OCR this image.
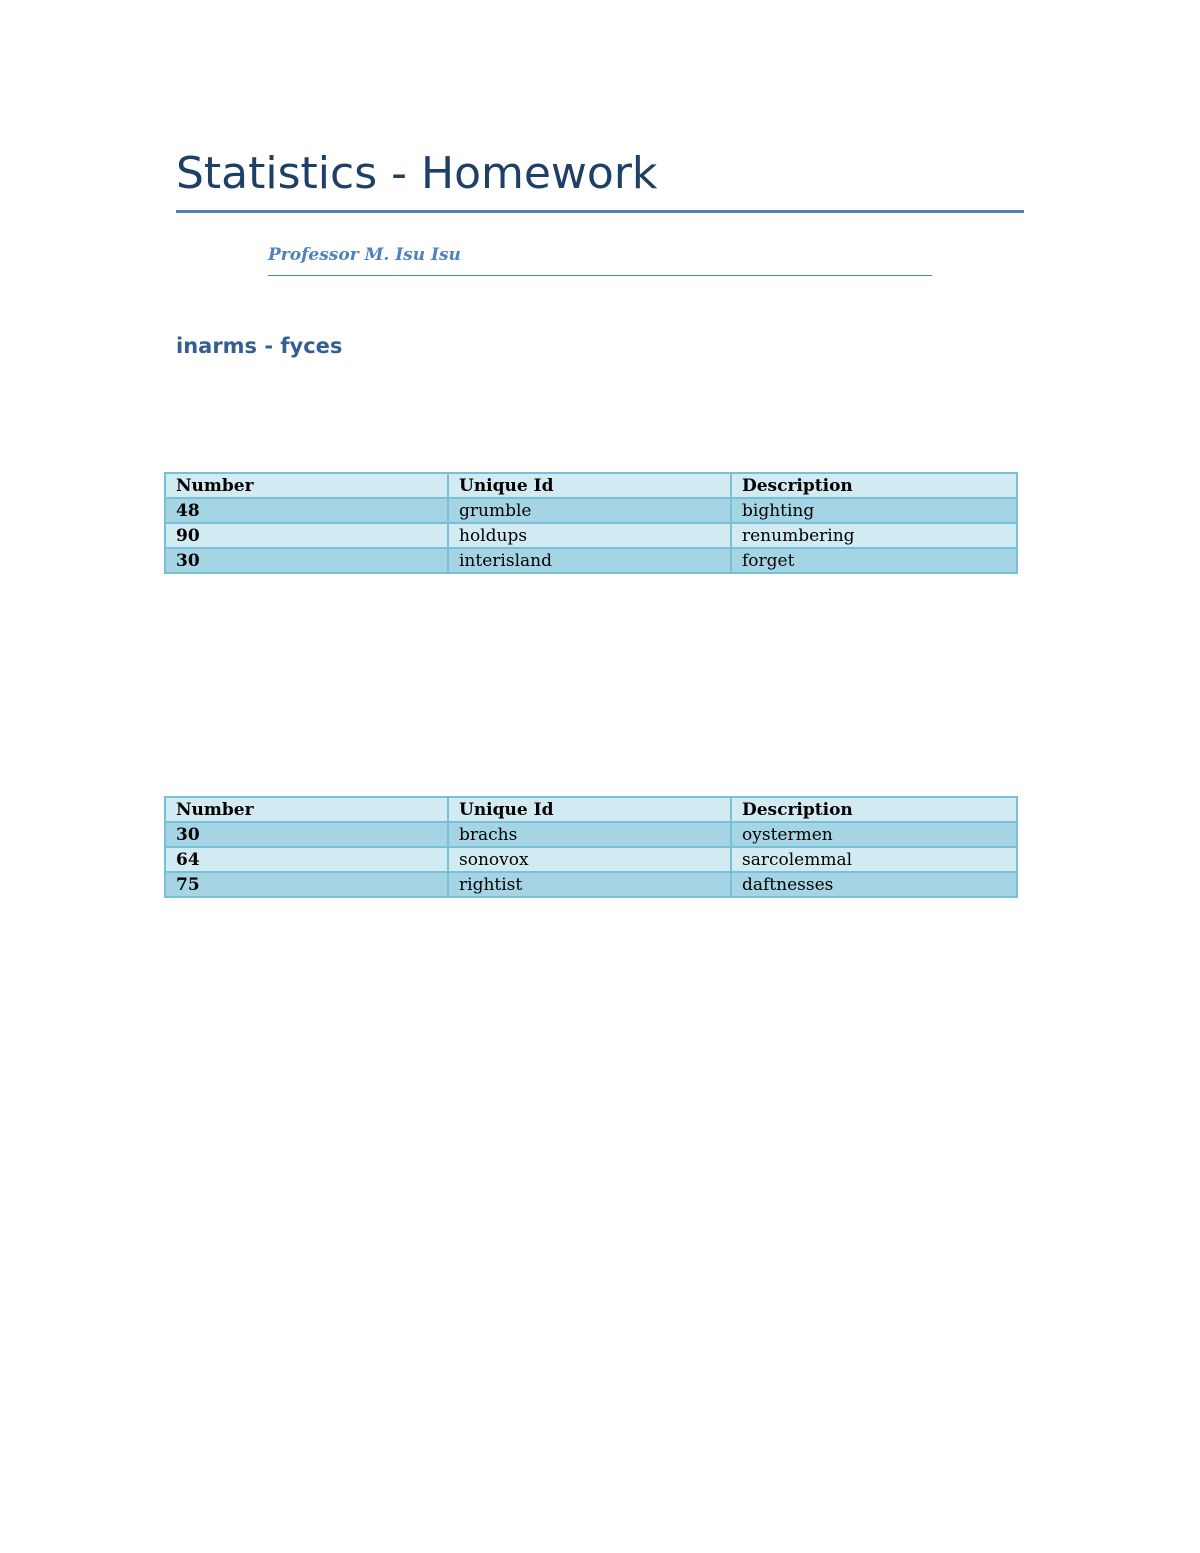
Statistics - Homework
Professor M. Isu Isu
inarms - fyces
Number	Unique Id	Description
48	grumble	bighting
90	holdups	renumbering
30	interisland	forget
Number	Unique Id	Description
30	brachs	oystermen
64	sonovox	sarcolemmal
75	rightist	daftnesses
